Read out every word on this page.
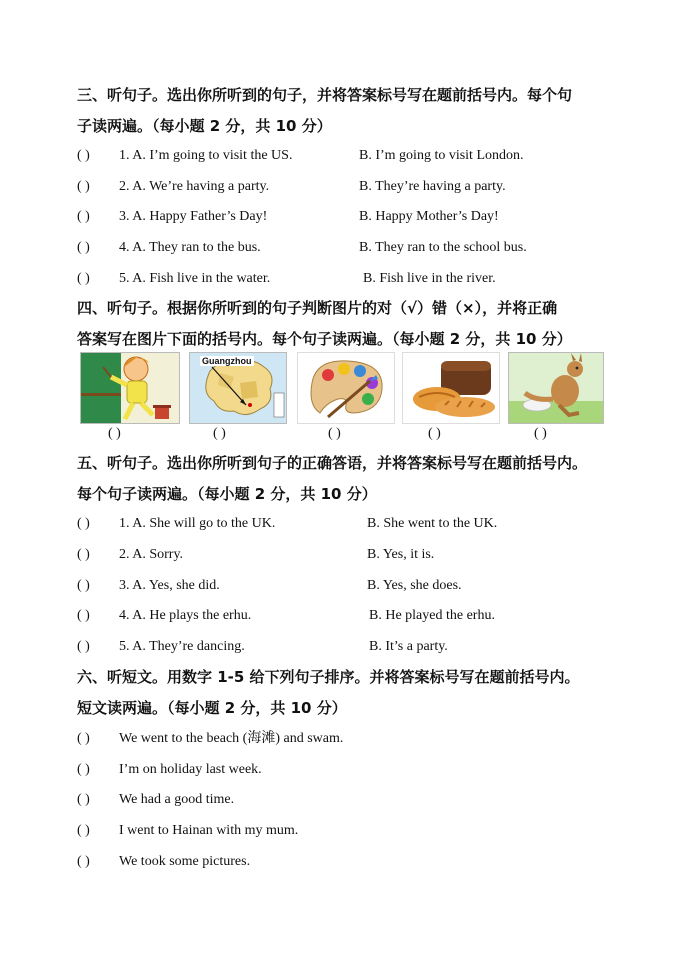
三、听句子。选出你所听到的句子，并将答案标号写在题前括号内。每个句
子读两遍。（每小题 2 分，共 10 分）
( ) 1. A. I’m going to visit the US.	B. I’m going to visit London.
( ) 2. A. We’re having a party.	B. They’re having a party.
( ) 3. A. Happy Father’s Day!	B. Happy Mother’s Day!
( ) 4. A. They ran to the bus.	B. They ran to the school bus.
( ) 5. A. Fish live in the water.	B. Fish live in the river.
四、听句子。根据你所听到的句子判断图片的对（√）错（×），并将正确
答案写在图片下面的括号内。每个句子读两遍。（每小题 2 分，共 10 分）
Guangzhou
( )	( )	( )	( )	( )
五、听句子。选出你所听到句子的正确答语，并将答案标号写在题前括号内。
每个句子读两遍。（每小题 2 分，共 10 分）
( ) 1. A. She will go to the UK.	B. She went to the UK.
( ) 2. A. Sorry.	B. Yes, it is.
( ) 3. A. Yes, she did.	B. Yes, she does.
( ) 4. A. He plays the erhu.	B. He played the erhu.
( ) 5. A. They’re dancing.	B. It’s a party.
六、听短文。用数字 1-5 给下列句子排序。并将答案标号写在题前括号内。
短文读两遍。（每小题 2 分，共 10 分）
( ) We went to the beach (海滩) and swam.
( ) I’m on holiday last week.
( ) We had a good time.
( ) I went to Hainan with my mum.
( ) We took some pictures.
